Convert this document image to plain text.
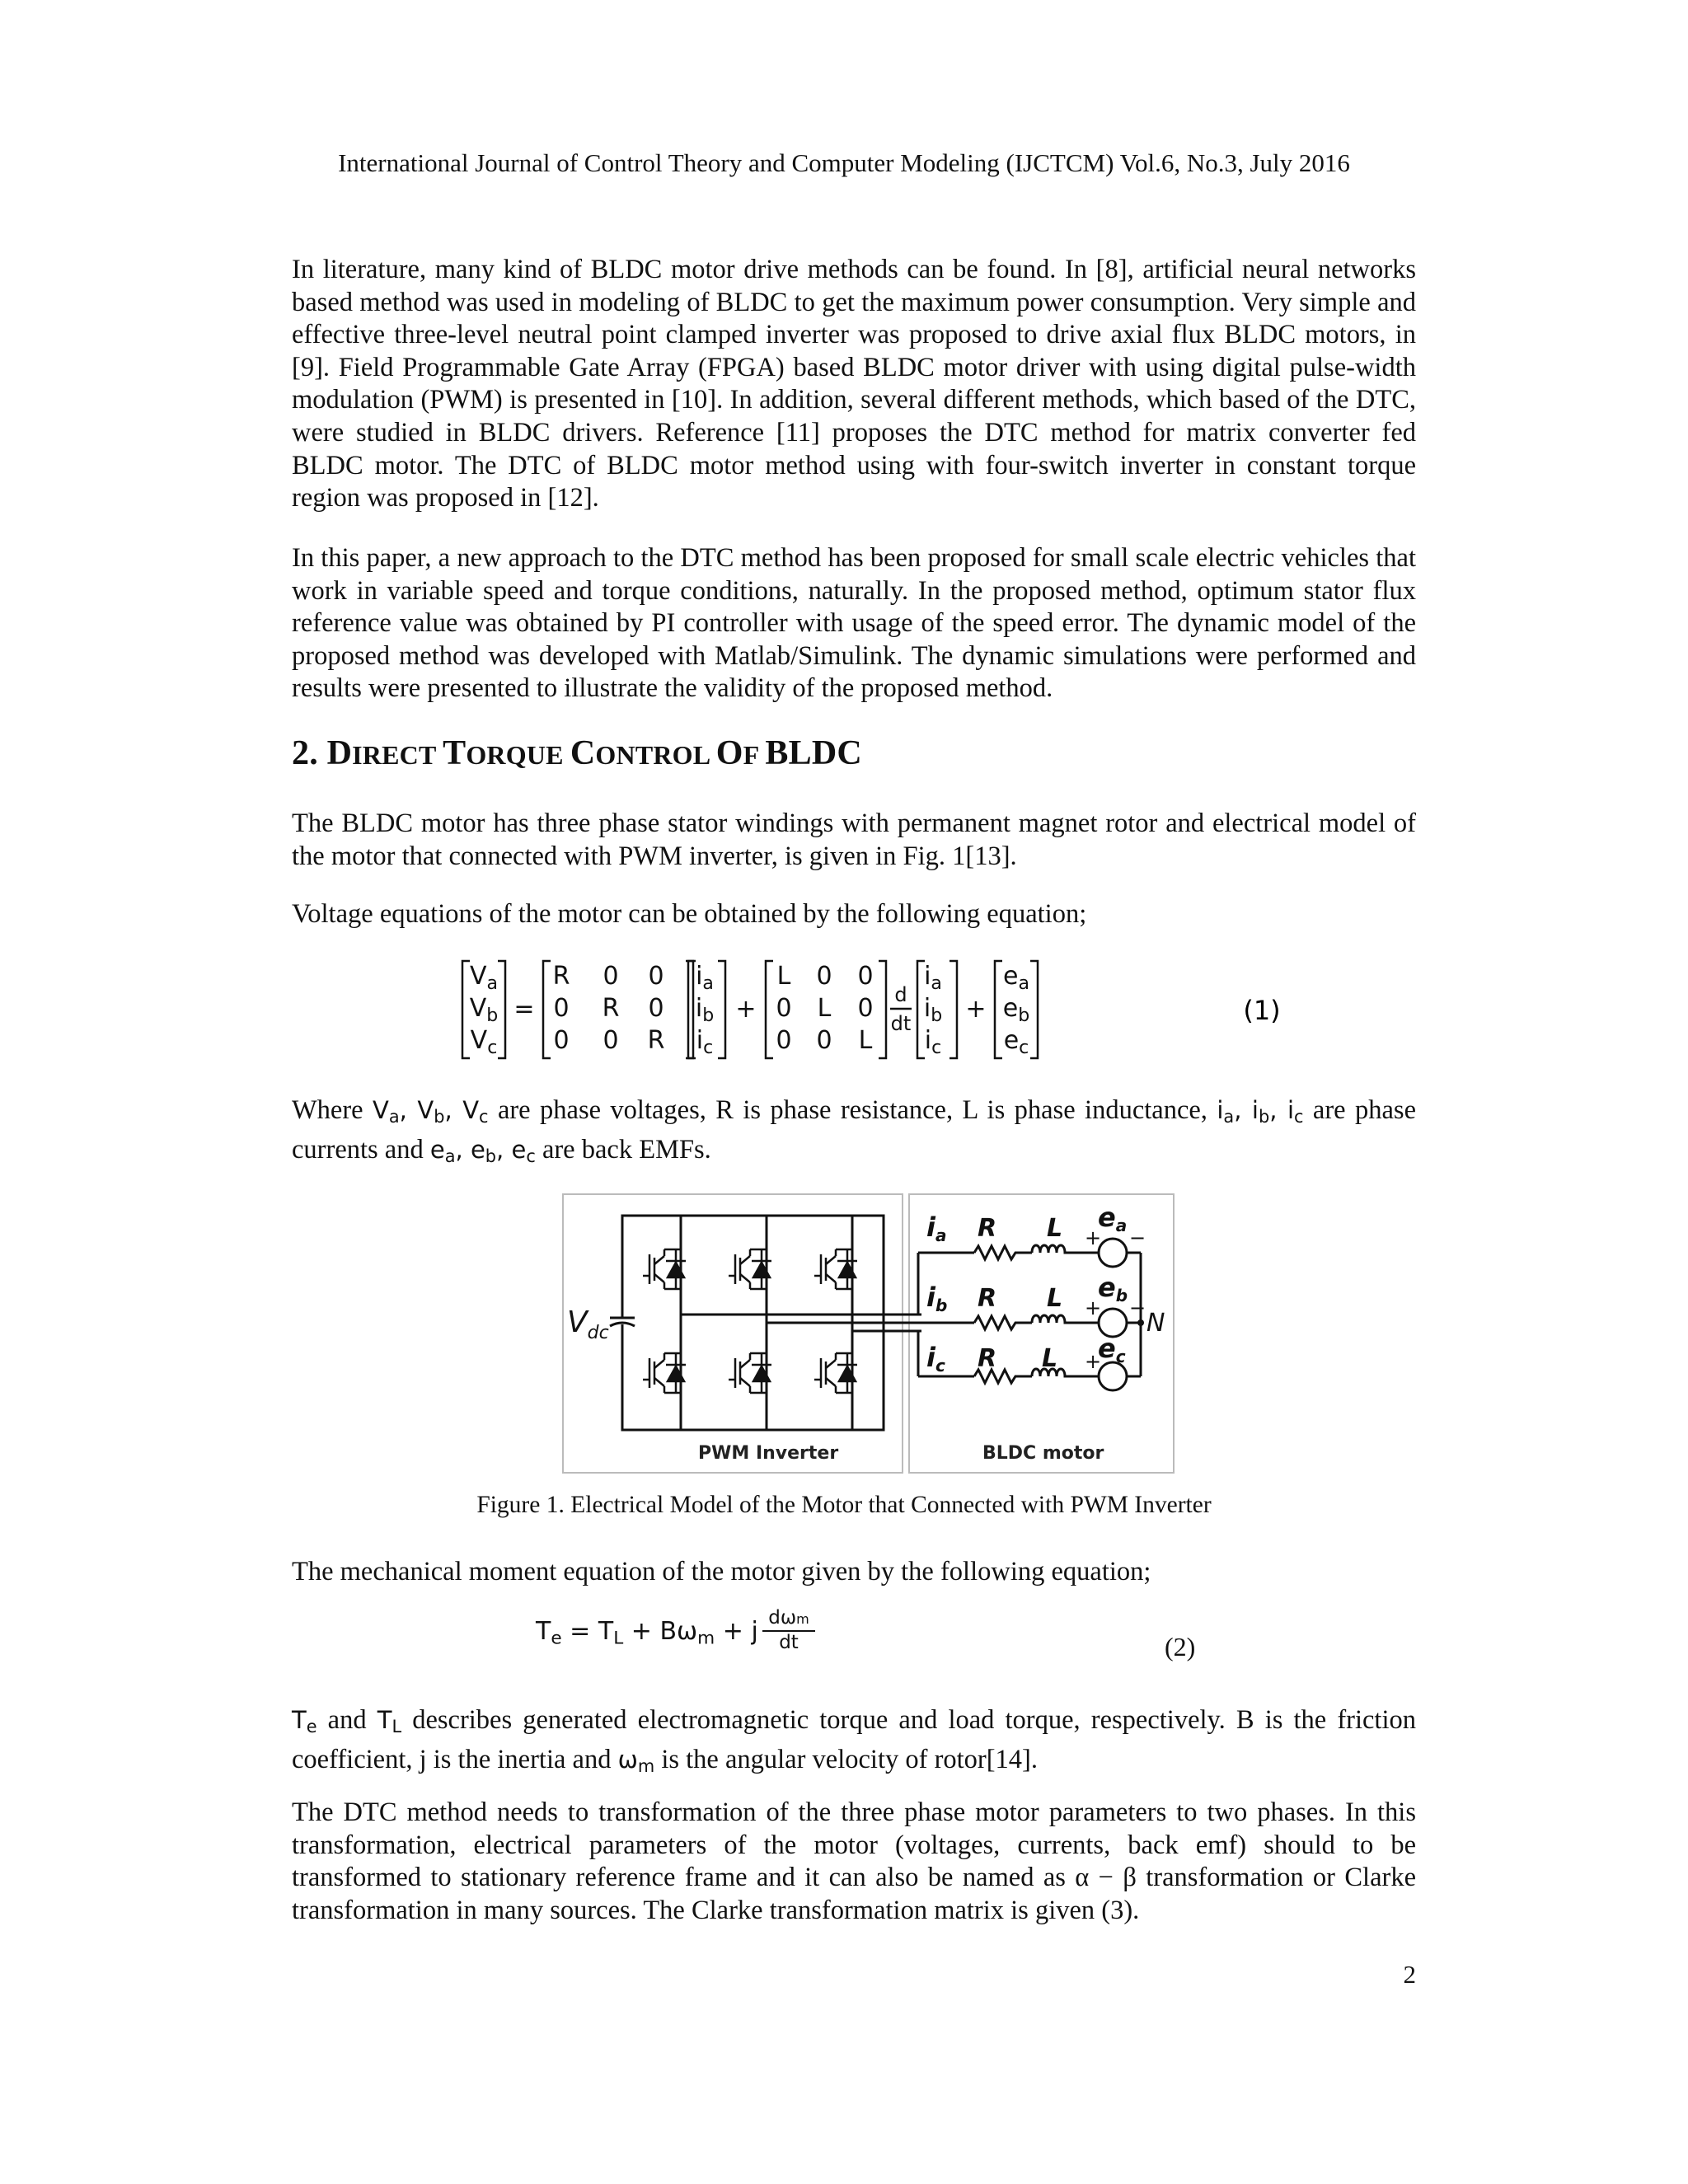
International Journal of Control Theory and Computer Modeling (IJCTCM) Vol.6, No.3, July 2016
In literature, many kind of BLDC motor drive methods can be found. In [8], artificial neural networks based method was used in modeling of BLDC to get the maximum power consumption. Very simple and effective three-level neutral point clamped inverter was proposed to drive axial flux BLDC motors, in [9]. Field Programmable Gate Array (FPGA) based BLDC motor driver with using digital pulse-width modulation (PWM) is presented in [10]. In addition, several different methods, which based of the DTC, were studied in BLDC drivers. Reference [11] proposes the DTC method for matrix converter fed BLDC motor. The DTC of BLDC motor method using with four-switch inverter in constant torque region was proposed in [12].
In this paper, a new approach to the DTC method has been proposed for small scale electric vehicles that work in variable speed and torque conditions, naturally. In the proposed method, optimum stator flux reference value was obtained by PI controller with usage of the speed error. The dynamic model of the proposed method was developed with Matlab/Simulink. The dynamic simulations were performed and results were presented to illustrate the validity of the proposed method.
2. DIRECT TORQUE CONTROL OF BLDC
The BLDC motor has three phase stator windings with permanent magnet rotor and electrical model of the motor that connected with PWM inverter, is given in Fig. 1[13].
Voltage equations of the motor can be obtained by the following equation;
$V_a$
$V_b$
$V_c$
=
R 0 0
0 R 0
0 0 R
$i_a$
$i_b$
$i_c$
+
L 0 0
0 L 0
0 0 L
d
dt
$i_a$
$i_b$
$i_c$
+
$e_a$
$e_b$
$e_c$
(1)
Where $V_a$, $V_b$, $V_c$ are phase voltages, R is phase resistance, L is phase inductance, $i_a$, $i_b$, $i_c$ are phase currents and $e_a$, $e_b$, $e_c$ are back EMFs.
$V_{dc}$
ia
ib
ic
R
R
R
L
L
L
ea
eb
ec
+ −
+ −
+
N
PWM Inverter	BLDC motor
Figure 1. Electrical Model of the Motor that Connected with PWM Inverter
The mechanical moment equation of the motor given by the following equation;
$T_e = T_L + B\omega_m + j$ dωm
dt	(2)
$T_e$ and $T_L$ describes generated electromagnetic torque and load torque, respectively. B is the friction coefficient, j is the inertia and $\omega_m$ is the angular velocity of rotor[14].
The DTC method needs to transformation of the three phase motor parameters to two phases. In this transformation, electrical parameters of the motor (voltages, currents, back emf) should to be transformed to stationary reference frame and it can also be named as α − β transformation or Clarke transformation in many sources. The Clarke transformation matrix is given (3).
2
